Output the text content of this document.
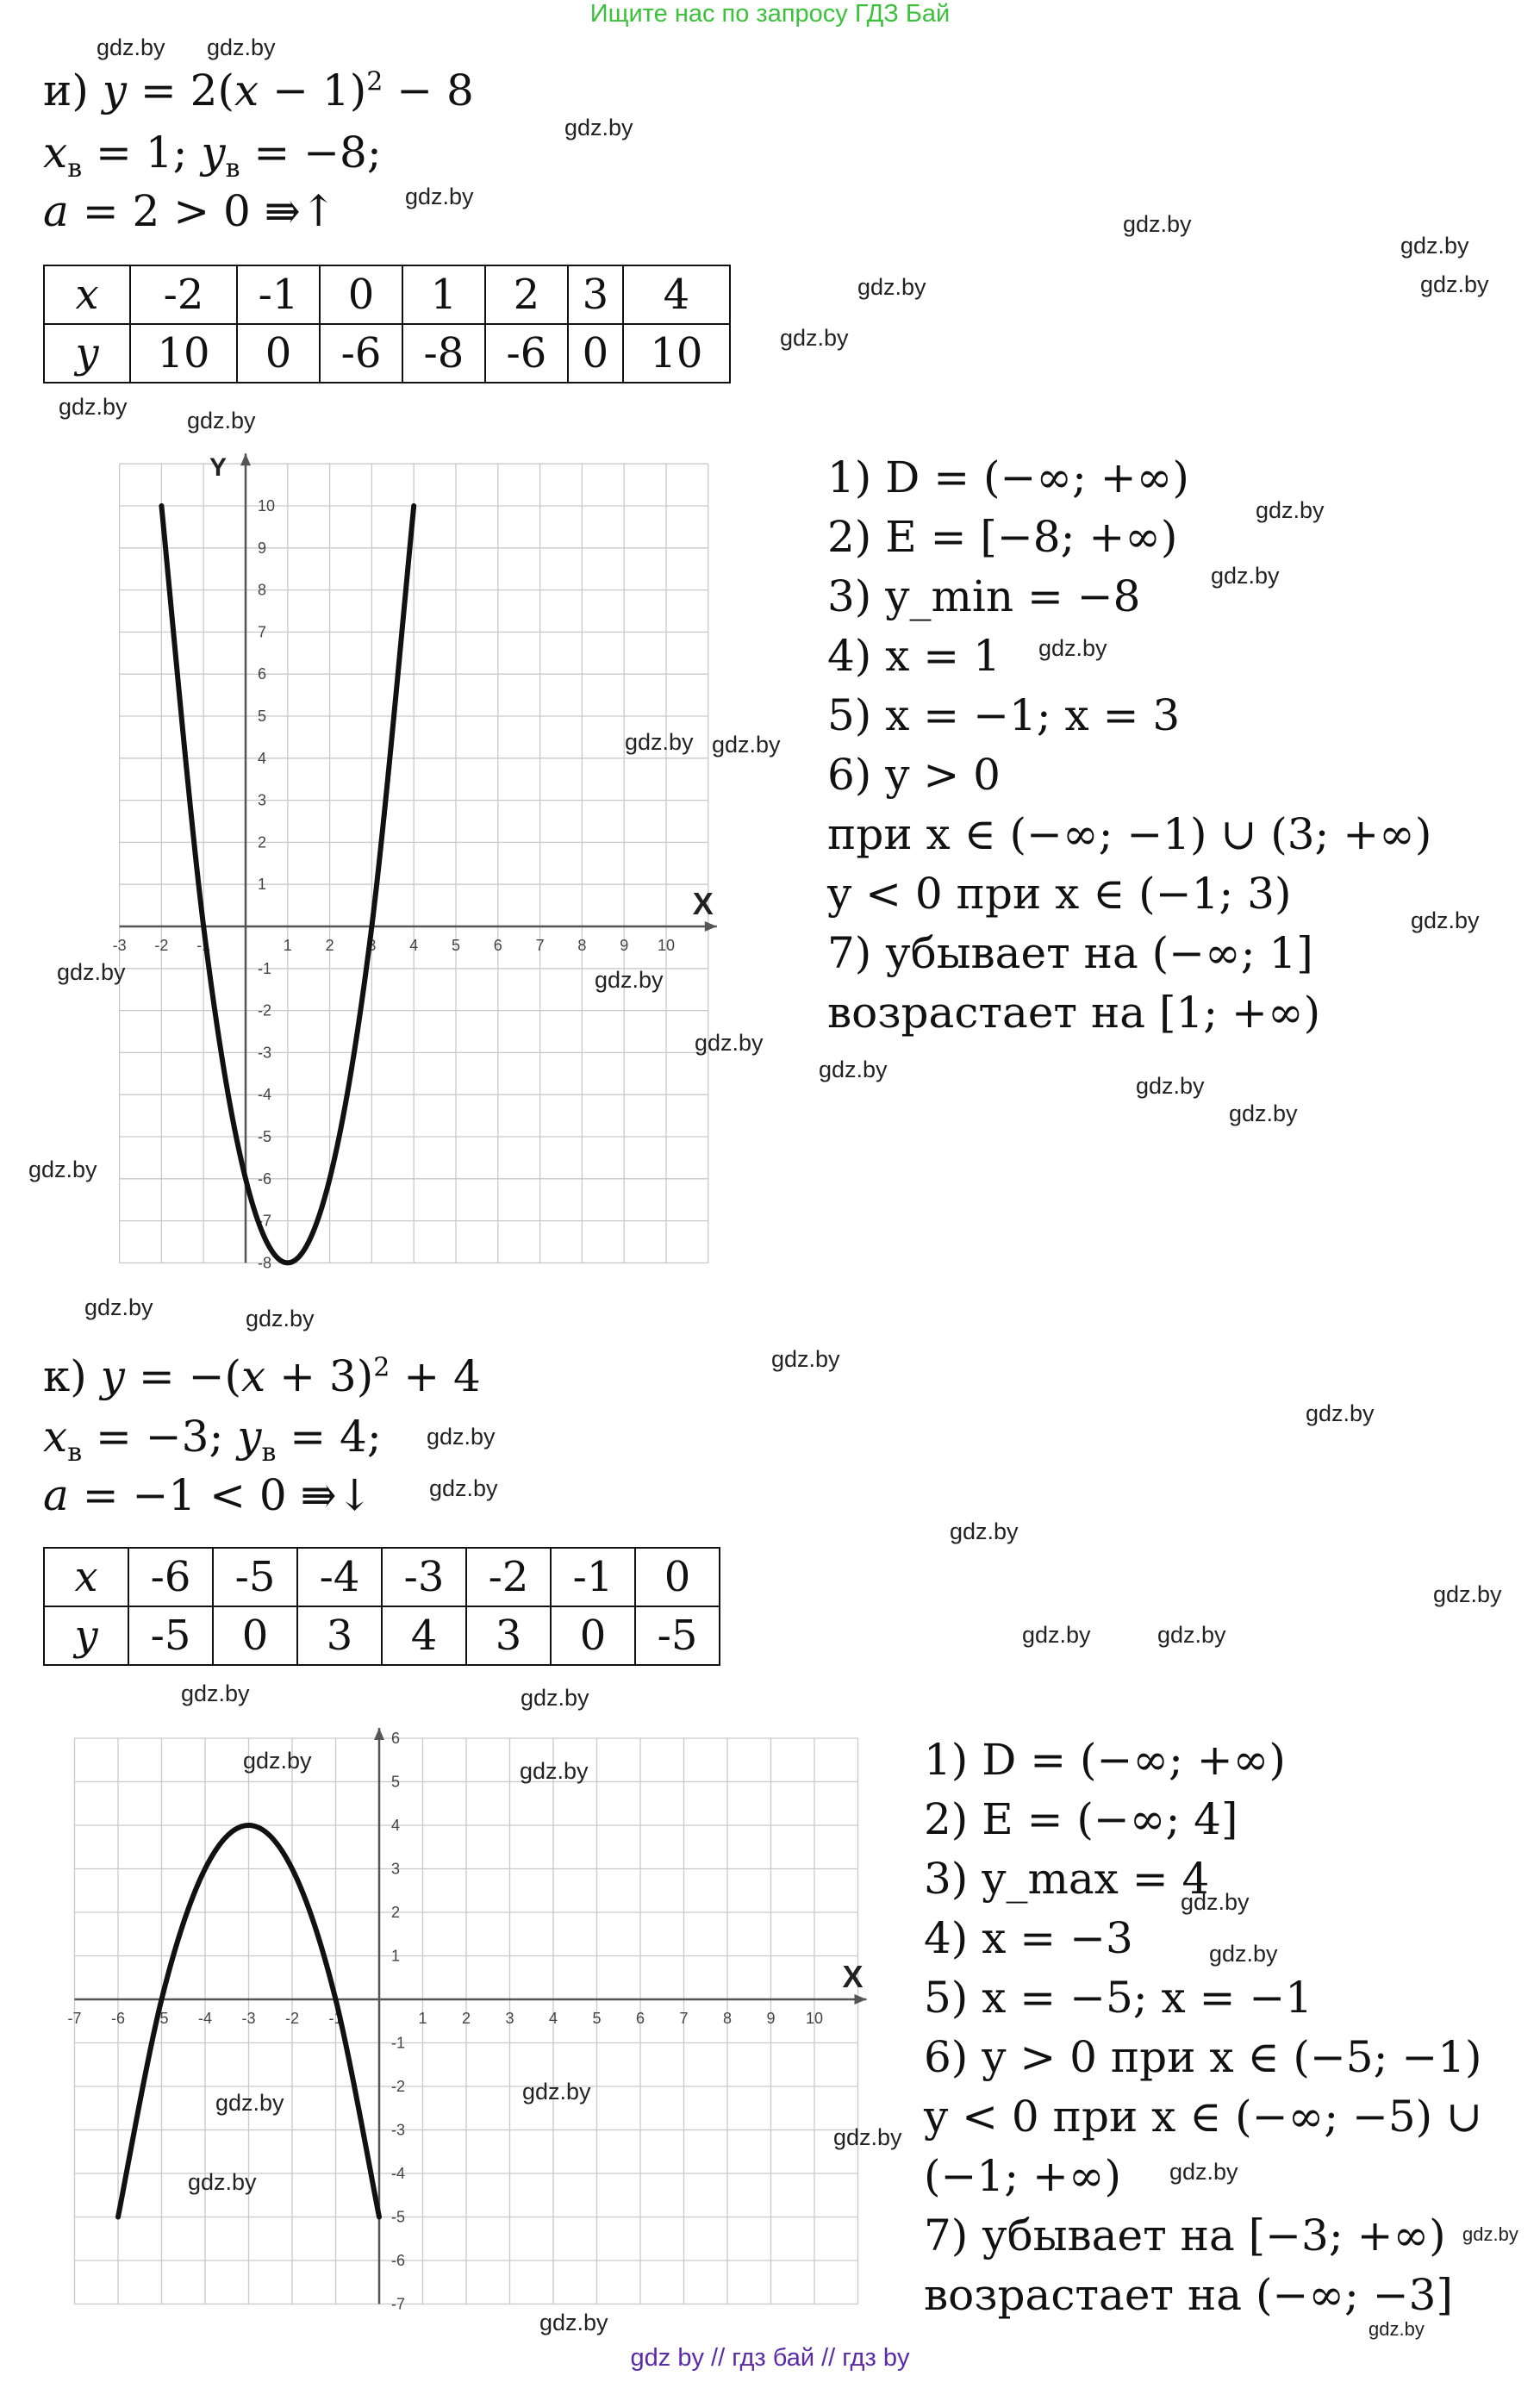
Ищите нас по запросу ГДЗ Бай
gdz by // гдз бай // гдз by
и) $y = 2(x - 1)^2 - 8$
$x_в = 1$; $y_в = -8$;
a = 2 > 0 ⇛↑
x	-2	-1	0	1	2	3	4
y	10	0	-6	-8	-6	0	10
-3 -2 -1	1 2 3 4 5 6 7 8 9 10
10
9
8
7
6
5
4
3
2
1
-1
-2
-3
-4
-5
-6
-7
-8
X
Y	1) D = (−∞; +∞)
2) E = [−8; +∞)
3) y_min = −8
4) x = 1
5) x = −1; x = 3
6) y > 0
при x ∈ (−∞; −1) ∪ (3; +∞)
y < 0 при x ∈ (−1; 3)
7) убывает на (−∞; 1]
возрастает на [1; +∞)
к) $y = -(x + 3)^2 + 4$
$x_в = -3$; $y_в = 4$;
a = −1 < 0 ⇛↓
x	-6	-5	-4	-3	-2	-1	0
y	-5	0	3	4	3	0	-5
-7 -6 -5 -4 -3 -2 -1	1 2 3 4 5 6 7 8 9 10
6
5
4
3
2
1
-1
-2
-3
-4
-5
-6
-7
X
1) D = (−∞; +∞)
2) E = (−∞; 4]
3) y_max = 4
4) x = −3
5) x = −5; x = −1
6) y > 0 при x ∈ (−5; −1)
y < 0 при x ∈ (−∞; −5) ∪
(−1; +∞)
7) убывает на [−3; +∞)
возрастает на (−∞; −3]
gdz.by gdz.by
gdz.by
gdz.by
gdz.by
gdz.by
gdz.by
gdz.by
gdz.by
gdz.by
gdz.by
gdz.by
gdz.by
gdz.by
gdz.by gdz.by
gdz.by
gdz.by	gdz.by
gdz.by
gdz.by
gdz.by
gdz.by
gdz.by
gdz.by	gdz.by
gdz.by
gdz.by
gdz.by
gdz.by
gdz.by
gdz.by
gdz.by	gdz.by
gdz.by	gdz.by
gdz.by	gdz.by
gdz.by
gdz.by
gdz.by	gdz.by
gdz.by
gdz.by	gdz.by
gdz.by
gdz.by	gdz.by
